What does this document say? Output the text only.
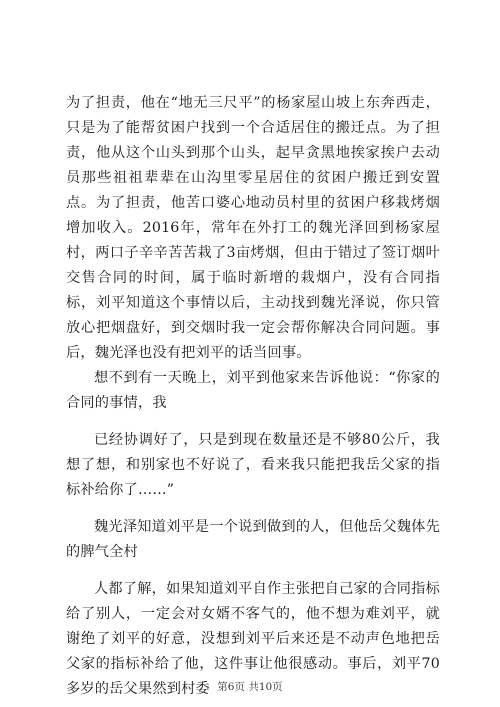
为了担责，他在“地无三尺平”的杨家屋山坡上东奔西走，只是为了能帮贫困户找到一个合适居住的搬迁点。为了担责，他从这个山头到那个山头，起早贪黑地挨家挨户去动员那些祖祖辈辈在山沟里零星居住的贫困户搬迁到安置点。为了担责，他苦口婆心地动员村里的贫困户移栽烤烟增加收入。2016年，常年在外打工的魏光泽回到杨家屋村，两口子辛辛苦苦栽了3亩烤烟，但由于错过了签订烟叶交售合同的时间，属于临时新增的栽烟户，没有合同指标，刘平知道这个事情以后，主动找到魏光泽说，你只管放心把烟盘好，到交烟时我一定会帮你解决合同问题。事后，魏光泽也没有把刘平的话当回事。

想不到有一天晚上，刘平到他家来告诉他说：“你家的合同的事情，我

已经协调好了，只是到现在数量还是不够80公斤，我想了想，和别家也不好说了，看来我只能把我岳父家的指标补给你了……”

魏光泽知道刘平是一个说到做到的人，但他岳父魏体先的脾气全村

人都了解，如果知道刘平自作主张把自己家的合同指标给了别人，一定会对女婿不客气的，他不想为难刘平，就谢绝了刘平的好意，没想到刘平后来还是不动声色地把岳父家的指标补给了他，这件事让他很感动。事后，刘平70多岁的岳父果然到村委 第6页 共10页
